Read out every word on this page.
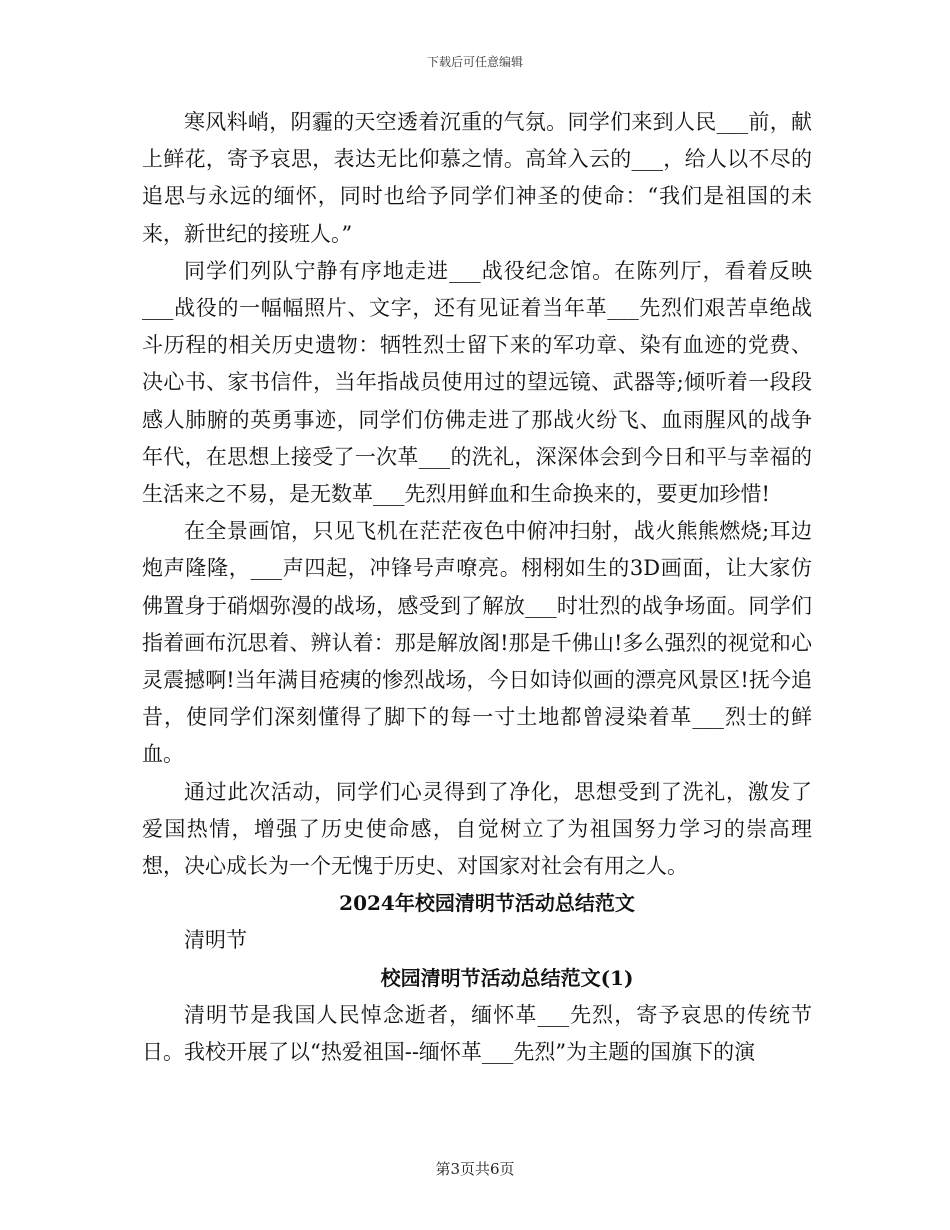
下载后可任意编辑

寒风料峭，阴霾的天空透着沉重的气氛。同学们来到人民___前，献上鲜花，寄予哀思，表达无比仰慕之情。高耸入云的___，给人以不尽的追思与永远的缅怀，同时也给予同学们神圣的使命：“我们是祖国的未来，新世纪的接班人。”

同学们列队宁静有序地走进___战役纪念馆。在陈列厅，看着反映___战役的一幅幅照片、文字，还有见证着当年革___先烈们艰苦卓绝战斗历程的相关历史遗物：牺牲烈士留下来的军功章、染有血迹的党费、决心书、家书信件，当年指战员使用过的望远镜、武器等;倾听着一段段感人肺腑的英勇事迹，同学们仿佛走进了那战火纷飞、血雨腥风的战争年代，在思想上接受了一次革___的洗礼，深深体会到今日和平与幸福的生活来之不易，是无数革___先烈用鲜血和生命换来的，要更加珍惜!

在全景画馆，只见飞机在茫茫夜色中俯冲扫射，战火熊熊燃烧;耳边炮声隆隆，___声四起，冲锋号声嘹亮。栩栩如生的3D画面，让大家仿佛置身于硝烟弥漫的战场，感受到了解放___时壮烈的战争场面。同学们指着画布沉思着、辨认着：那是解放阁!那是千佛山!多么强烈的视觉和心灵震撼啊!当年满目疮痍的惨烈战场，今日如诗似画的漂亮风景区!抚今追昔，使同学们深刻懂得了脚下的每一寸土地都曾浸染着革___烈士的鲜血。

通过此次活动，同学们心灵得到了净化，思想受到了洗礼，激发了爱国热情，增强了历史使命感，自觉树立了为祖国努力学习的崇高理想，决心成长为一个无愧于历史、对国家对社会有用之人。

2024年校园清明节活动总结范文

清明节

校园清明节活动总结范文(1)

清明节是我国人民悼念逝者，缅怀革___先烈，寄予哀思的传统节日。我校开展了以“热爱祖国--缅怀革___先烈”为主题的国旗下的演

第3页共6页
